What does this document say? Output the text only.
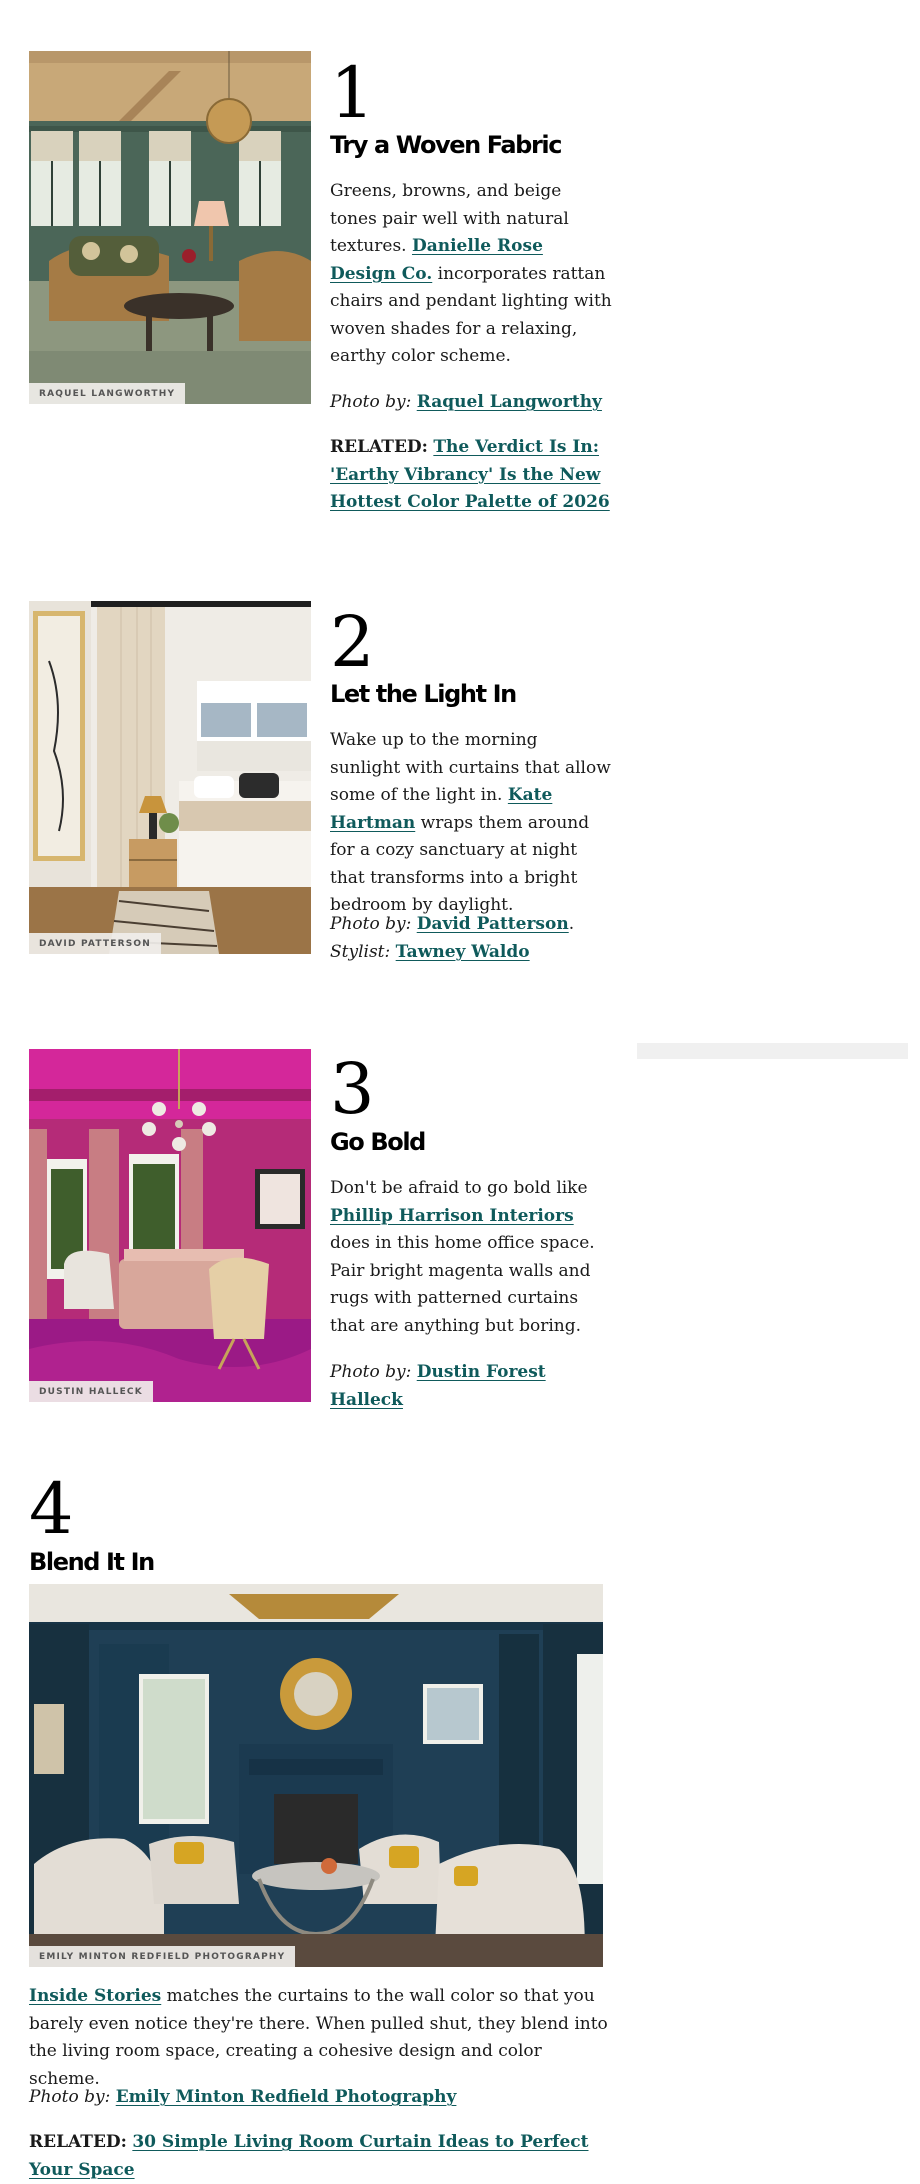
RAQUEL LANGWORTHY
1
Try a Woven Fabric

Greens, browns, and beige tones pair well with natural textures. Danielle Rose Design Co. incorporates rattan chairs and pendant lighting with woven shades for a relaxing, earthy color scheme.

Photo by: Raquel Langworthy

RELATED: The Verdict Is In: 'Earthy Vibrancy' Is the New Hottest Color Palette of 2026

DAVID PATTERSON
2
Let the Light In

Wake up to the morning sunlight with curtains that allow some of the light in. Kate Hartman wraps them around for a cozy sanctuary at night that transforms into a bright bedroom by daylight.

Photo by: David Patterson.
Stylist: Tawney Waldo

DUSTIN HALLECK
3
Go Bold

Don't be afraid to go bold like Phillip Harrison Interiors does in this home office space. Pair bright magenta walls and rugs with patterned curtains that are anything but boring.

Photo by: Dustin Forest Halleck

4
Blend It In
EMILY MINTON REDFIELD PHOTOGRAPHY

Inside Stories matches the curtains to the wall color so that you barely even notice they're there. When pulled shut, they blend into the living room space, creating a cohesive design and color scheme.

Photo by: Emily Minton Redfield Photography

RELATED: 30 Simple Living Room Curtain Ideas to Perfect Your Space
